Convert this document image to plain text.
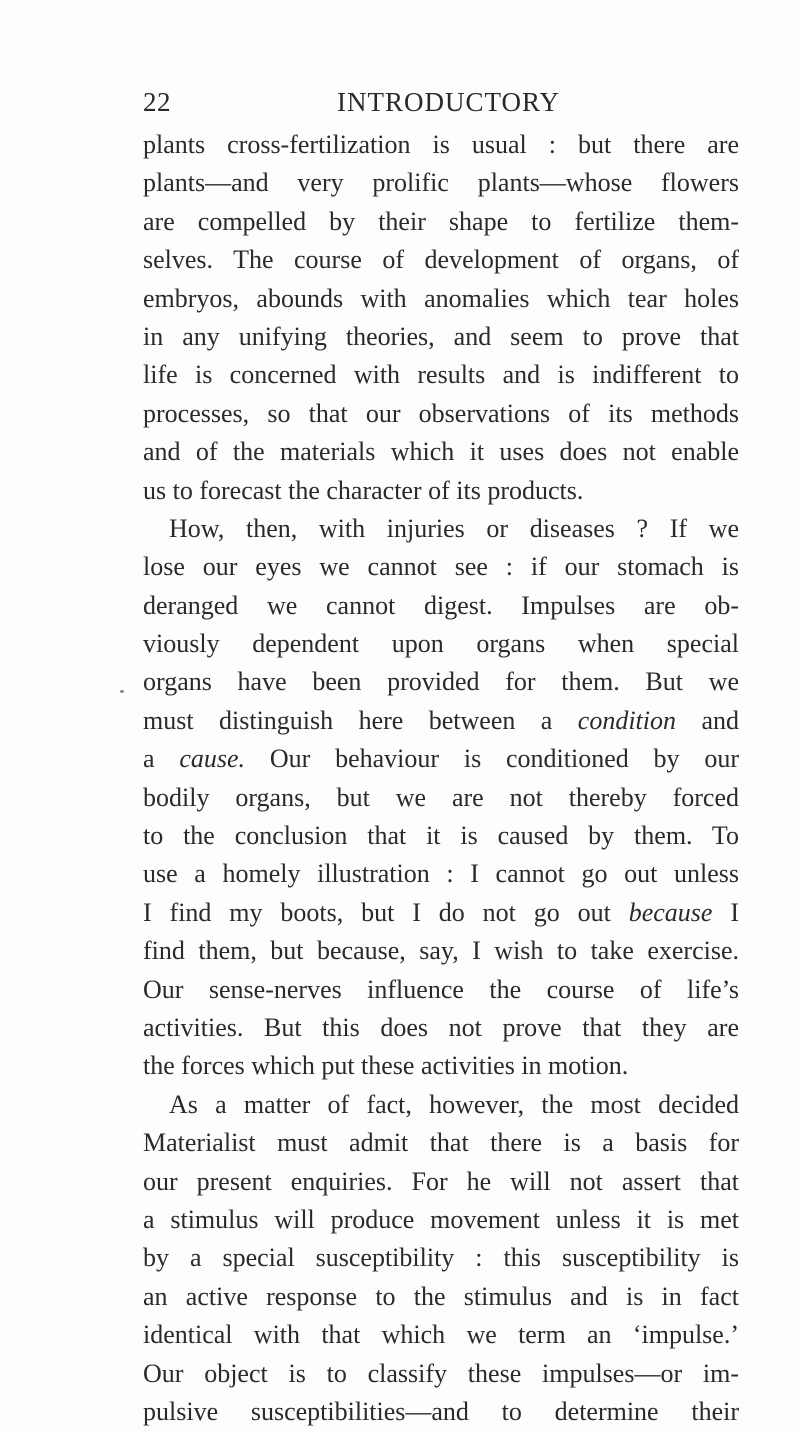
22	INTRODUCTORY
plants cross-fertilization is usual : but there are
plants—and very prolific plants—whose flowers
are compelled by their shape to fertilize them-
selves. The course of development of organs, of
embryos, abounds with anomalies which tear holes
in any unifying theories, and seem to prove that
life is concerned with results and is indifferent to
processes, so that our observations of its methods
and of the materials which it uses does not enable
us to forecast the character of its products.
How, then, with injuries or diseases ? If we
lose our eyes we cannot see : if our stomach is
deranged we cannot digest. Impulses are ob-
viously dependent upon organs when special
organs have been provided for them. But we
must distinguish here between a condition and
a cause. Our behaviour is conditioned by our
bodily organs, but we are not thereby forced
to the conclusion that it is caused by them. To
use a homely illustration : I cannot go out unless
I find my boots, but I do not go out because I
find them, but because, say, I wish to take exercise.
Our sense-nerves influence the course of life’s
activities. But this does not prove that they are
the forces which put these activities in motion.
As a matter of fact, however, the most decided
Materialist must admit that there is a basis for
our present enquiries. For he will not assert that
a stimulus will produce movement unless it is met
by a special susceptibility : this susceptibility is
an active response to the stimulus and is in fact
identical with that which we term an ‘impulse.’
Our object is to classify these impulses—or im-
pulsive susceptibilities—and to determine their
